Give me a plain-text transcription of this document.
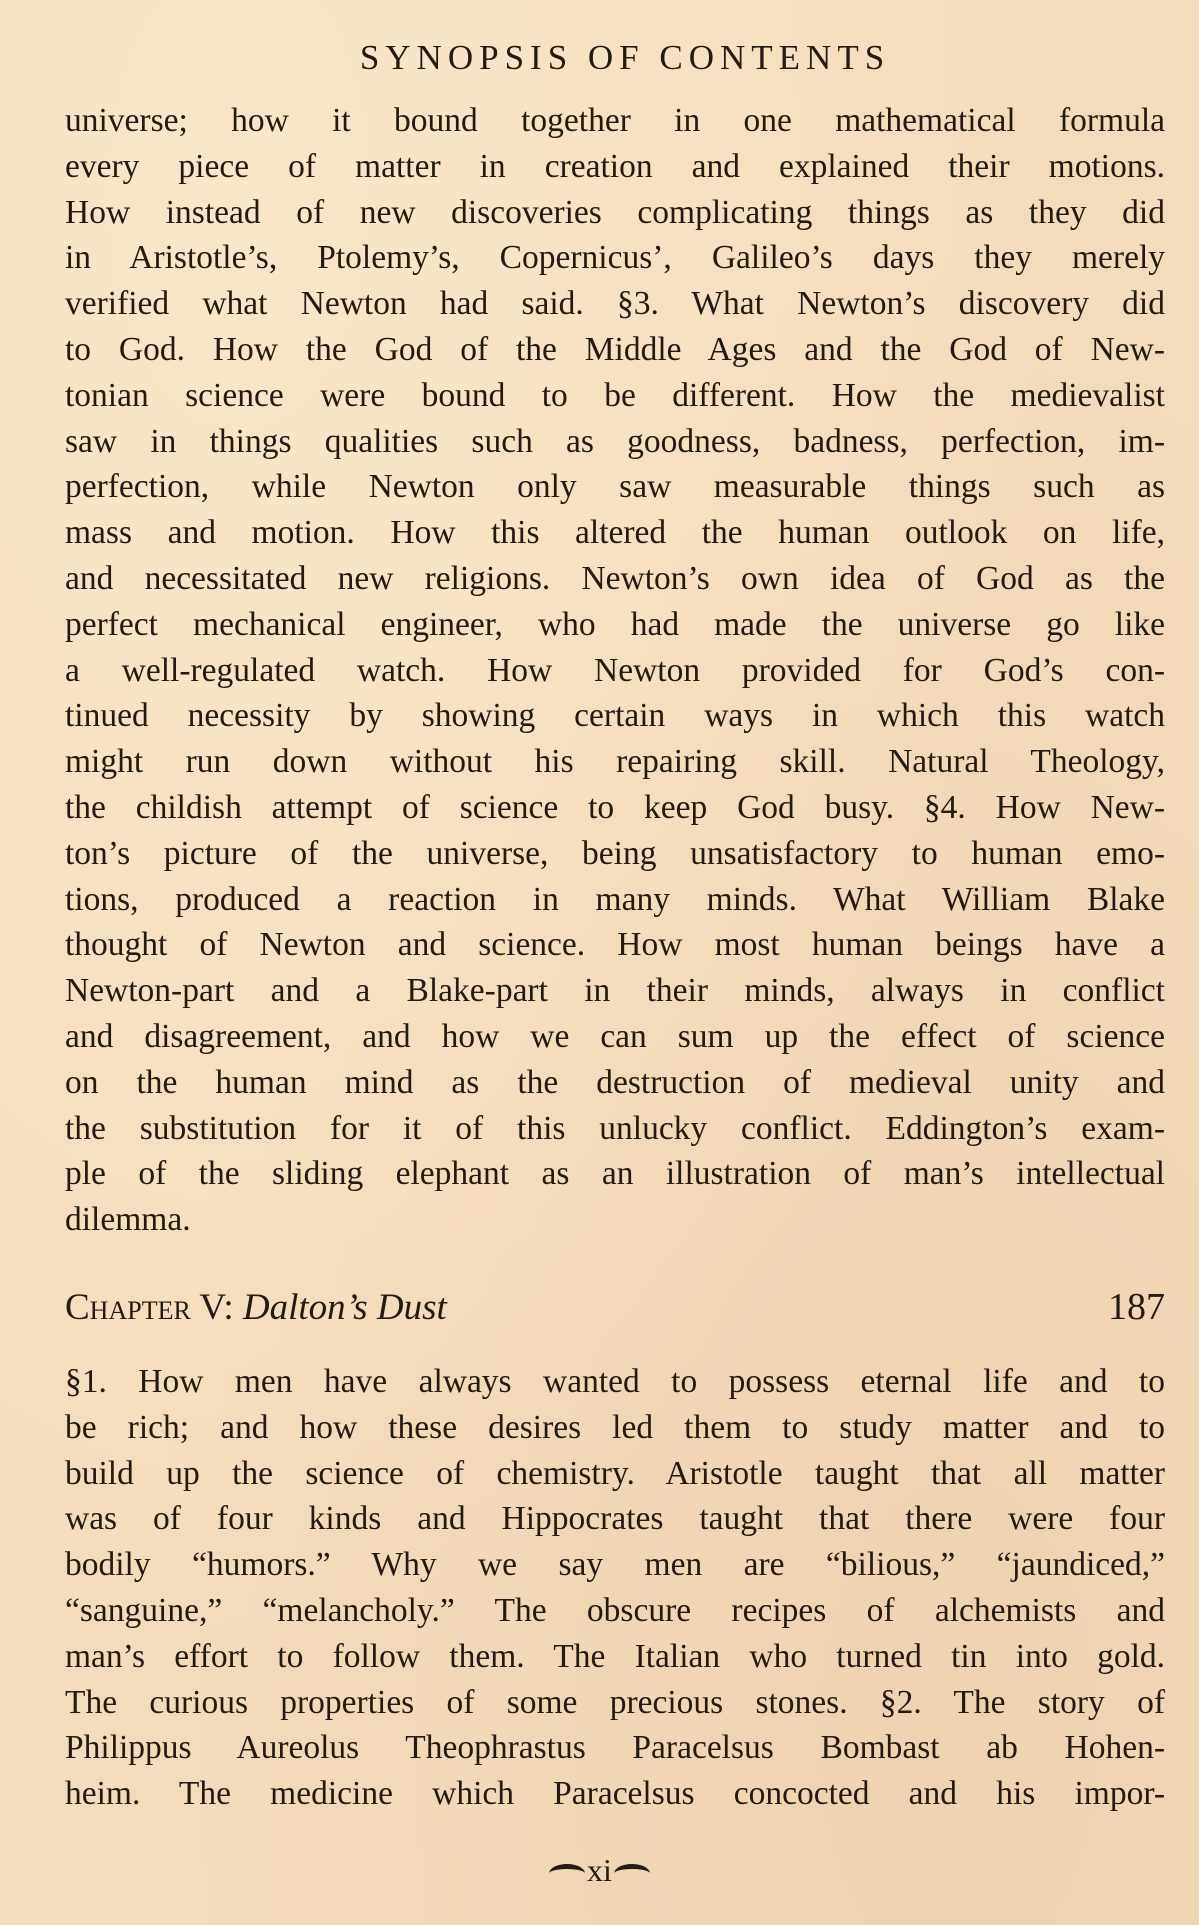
SYNOPSIS OF CONTENTS
universe; how it bound together in one mathematical formula
every piece of matter in creation and explained their motions.
How instead of new discoveries complicating things as they did
in Aristotle’s, Ptolemy’s, Copernicus’, Galileo’s days they merely
verified what Newton had said. §3. What Newton’s discovery did
to God. How the God of the Middle Ages and the God of New-
tonian science were bound to be different. How the medievalist
saw in things qualities such as goodness, badness, perfection, im-
perfection, while Newton only saw measurable things such as
mass and motion. How this altered the human outlook on life,
and necessitated new religions. Newton’s own idea of God as the
perfect mechanical engineer, who had made the universe go like
a well-regulated watch. How Newton provided for God’s con-
tinued necessity by showing certain ways in which this watch
might run down without his repairing skill. Natural Theology,
the childish attempt of science to keep God busy. §4. How New-
ton’s picture of the universe, being unsatisfactory to human emo-
tions, produced a reaction in many minds. What William Blake
thought of Newton and science. How most human beings have a
Newton-part and a Blake-part in their minds, always in conflict
and disagreement, and how we can sum up the effect of science
on the human mind as the destruction of medieval unity and
the substitution for it of this unlucky conflict. Eddington’s exam-
ple of the sliding elephant as an illustration of man’s intellectual
dilemma.
Chapter V: Dalton’s Dust	187
§1. How men have always wanted to possess eternal life and to
be rich; and how these desires led them to study matter and to
build up the science of chemistry. Aristotle taught that all matter
was of four kinds and Hippocrates taught that there were four
bodily “humors.” Why we say men are “bilious,” “jaundiced,”
“sanguine,” “melancholy.” The obscure recipes of alchemists and
man’s effort to follow them. The Italian who turned tin into gold.
The curious properties of some precious stones. §2. The story of
Philippus Aureolus Theophrastus Paracelsus Bombast ab Hohen-
heim. The medicine which Paracelsus concocted and his impor-
xi
